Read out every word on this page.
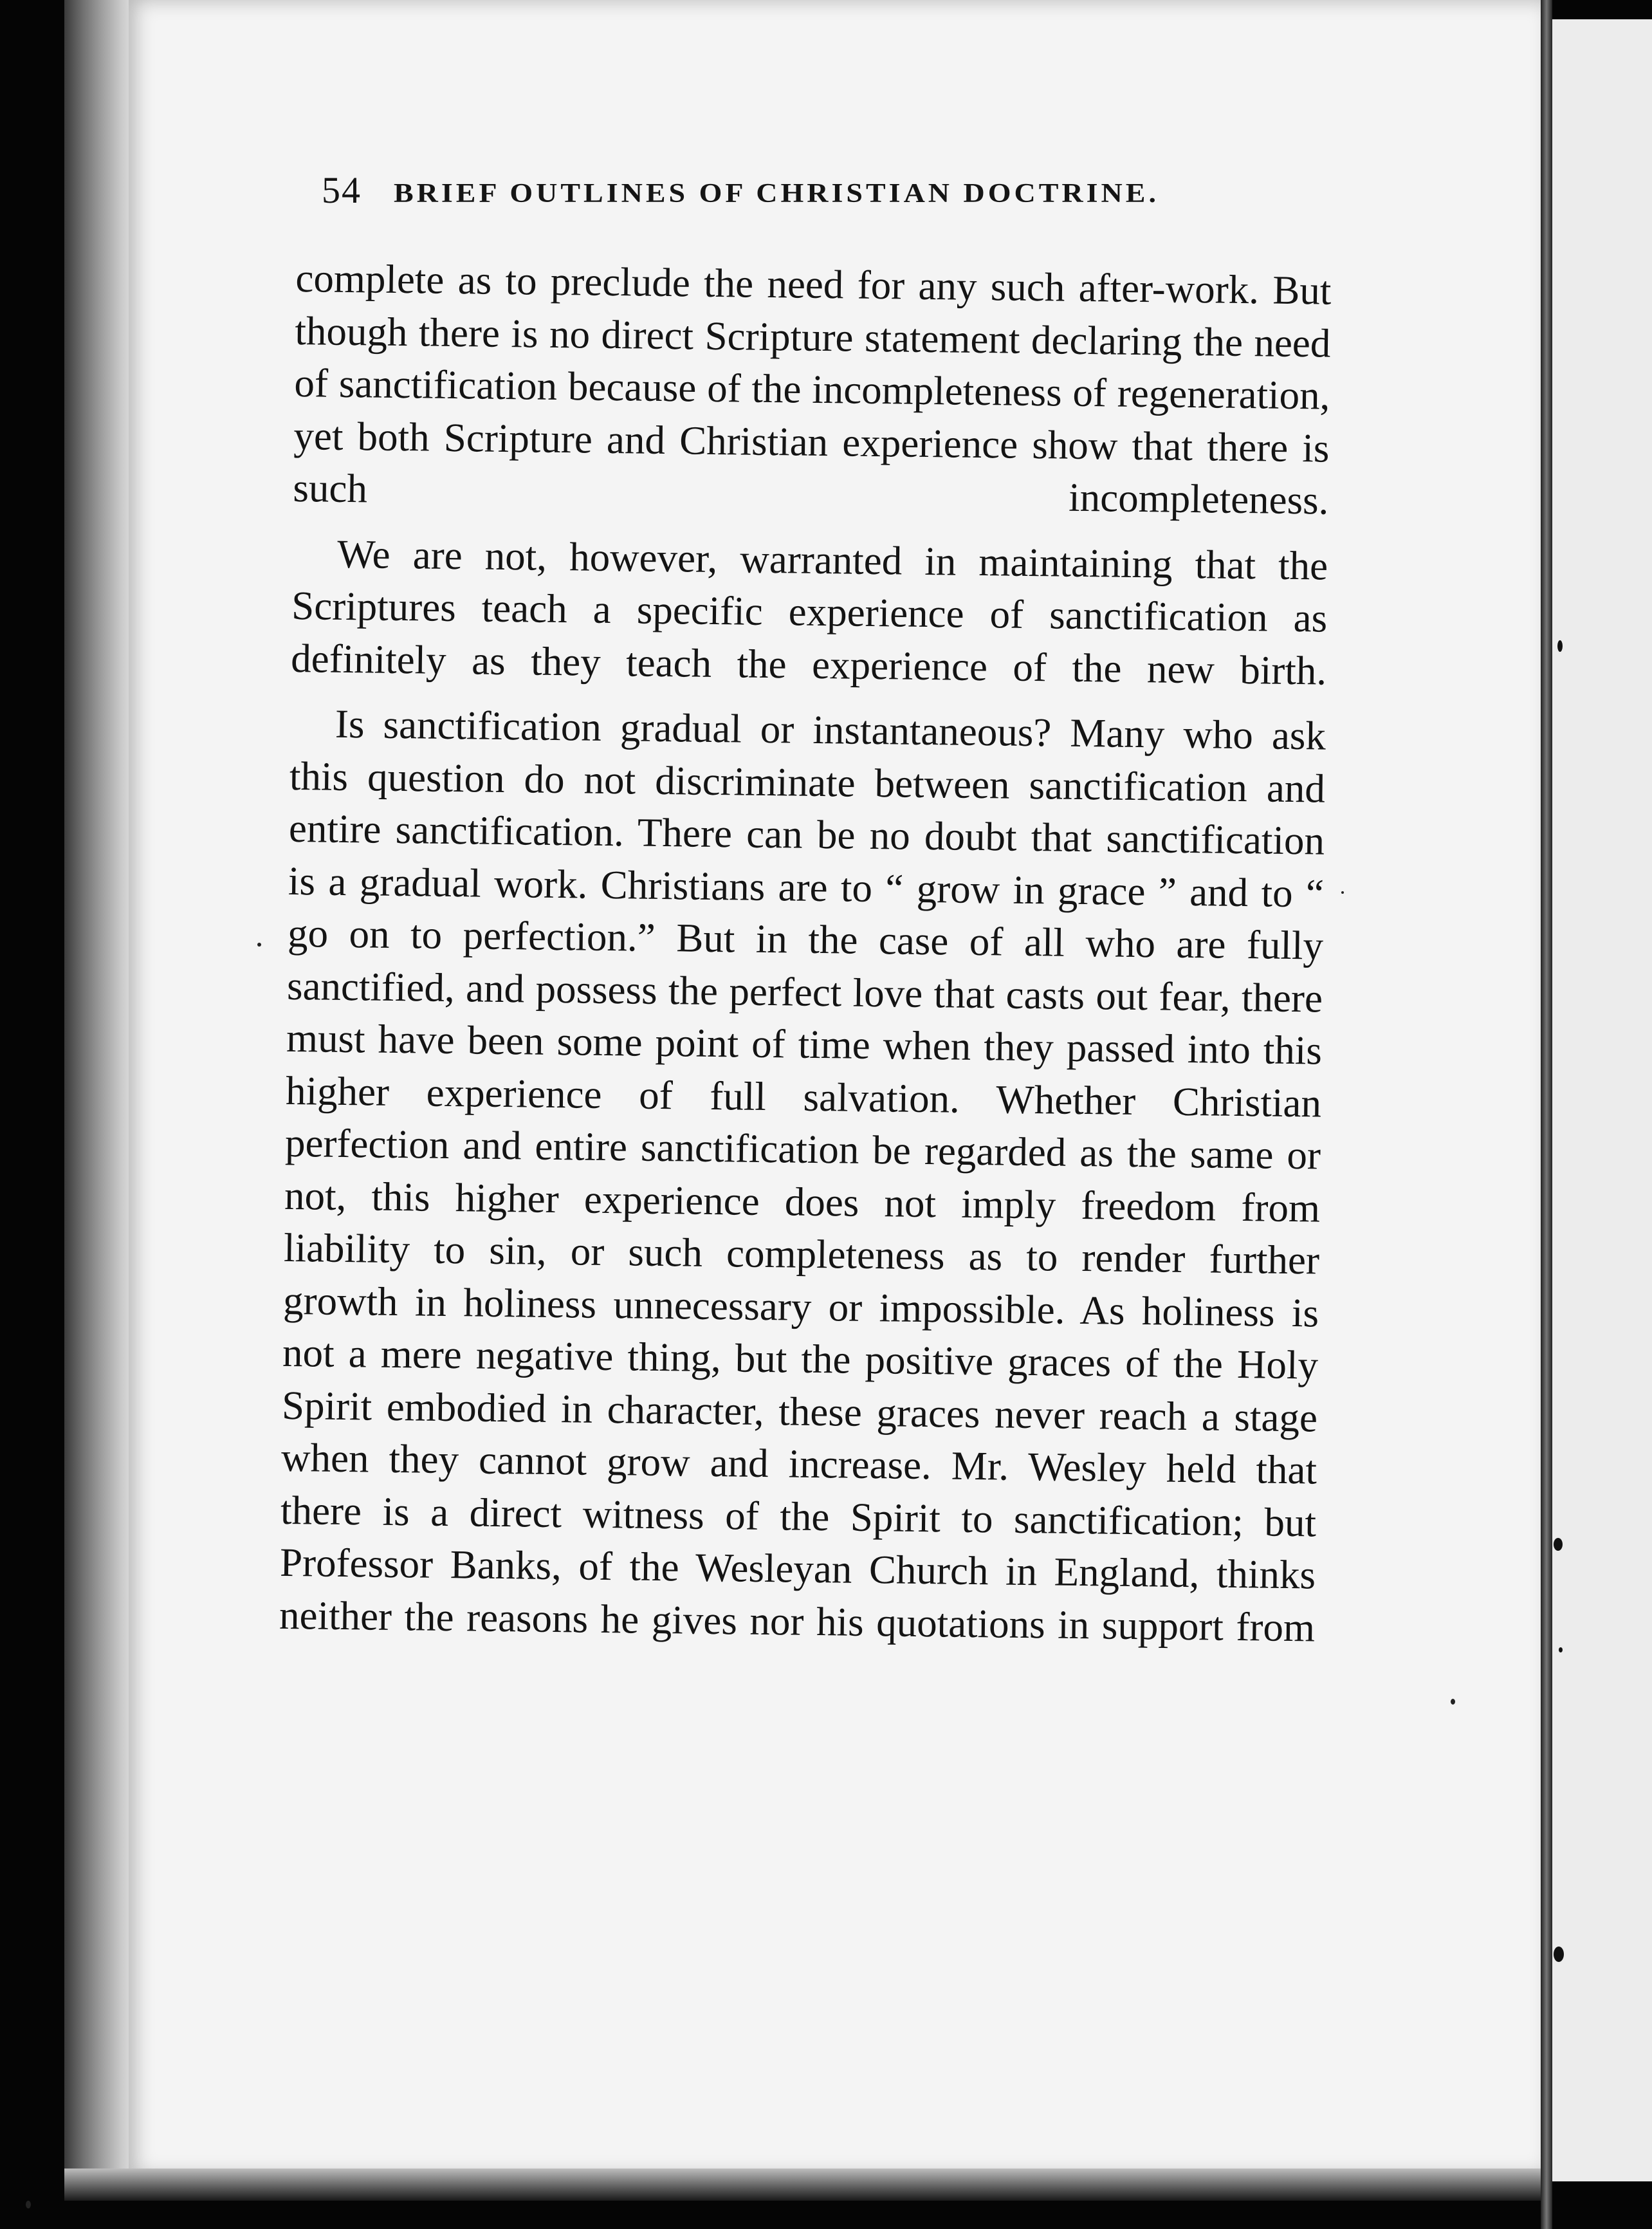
54 BRIEF OUTLINES OF CHRISTIAN DOCTRINE.

complete as to preclude the need for any such after-work. But though there is no direct Scripture statement declaring the need of sanctification because of the incompleteness of regeneration, yet both Scripture and Christian experience show that there is such incompleteness.

We are not, however, warranted in maintaining that the Scriptures teach a specific experience of sanctification as definitely as they teach the experience of the new birth.

Is sanctification gradual or instantaneous? Many who ask this question do not discriminate between sanctification and entire sanctification. There can be no doubt that sanctification is a gradual work. Christians are to “ grow in grace ” and to “ go on to perfection.” But in the case of all who are fully sanctified, and possess the perfect love that casts out fear, there must have been some point of time when they passed into this higher experience of full salvation. Whether Christian perfection and entire sanctification be regarded as the same or not, this higher experience does not imply freedom from liability to sin, or such completeness as to render further growth in holiness unnecessary or impossible. As holiness is not a mere negative thing, but the positive graces of the Holy Spirit embodied in character, these graces never reach a stage when they cannot grow and increase. Mr. Wesley held that there is a direct witness of the Spirit to sanctification; but Professor Banks, of the Wesleyan Church in England, thinks neither the reasons he gives nor his quotations in support from
